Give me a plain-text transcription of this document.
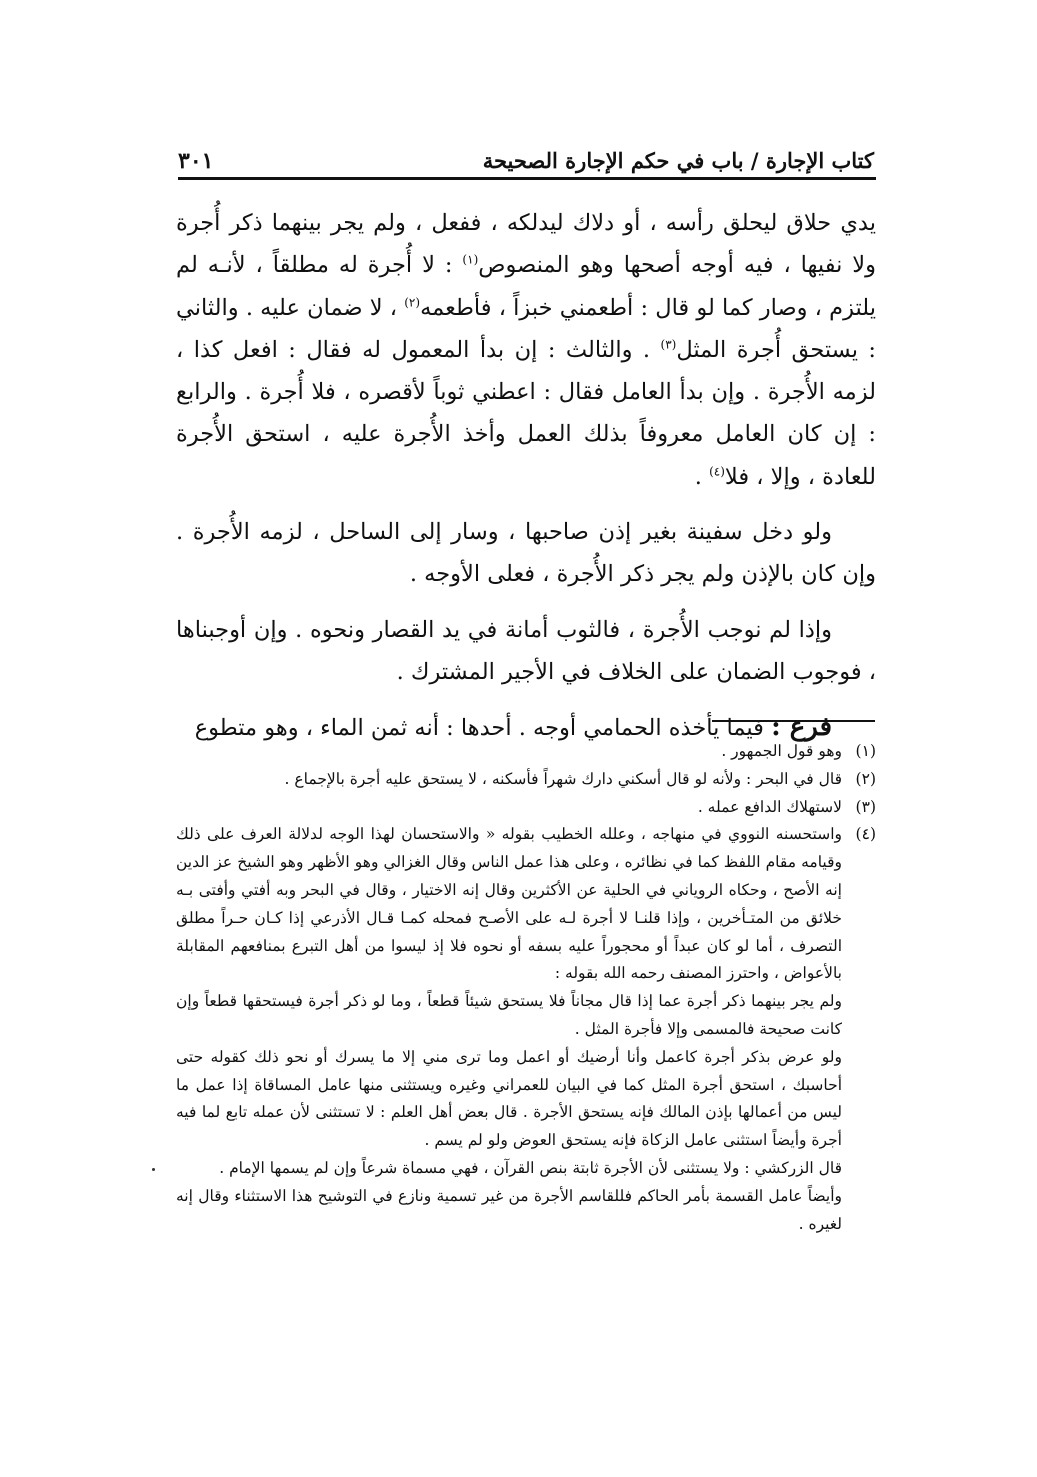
كتاب الإجارة / باب في حكم الإجارة الصحيحة
٣٠١

يدي حلاق ليحلق رأسه ، أو دلاك ليدلكه ، ففعل ، ولم يجر بينهما ذكر أُجرة ولا نفيها ، فيه أوجه أصحها وهو المنصوص$^{(١)}$ : لا أُجرة له مطلقاً ، لأنـه لم يلتزم ، وصار كما لو قال : أطعمني خبزاً ، فأطعمه$^{(٢)}$ ، لا ضمان عليه . والثاني : يستحق أُجرة المثل$^{(٣)}$ . والثالث : إن بدأ المعمول له فقال : افعل كذا ، لزمه الأُجرة . وإن بدأ العامل فقال : اعطني ثوباً لأقصره ، فلا أُجرة . والرابع : إن كان العامل معروفاً بذلك العمل وأخذ الأُجرة عليه ، استحق الأُجرة للعادة ، وإلا ، فلا$^{(٤)}$ .

ولو دخل سفينة بغير إذن صاحبها ، وسار إلى الساحل ، لزمه الأُجرة . وإن كان بالإذن ولم يجر ذكر الأُجرة ، فعلى الأوجه .

وإذا لم نوجب الأُجرة ، فالثوب أمانة في يد القصار ونحوه . وإن أوجبناها ، فوجوب الضمان على الخلاف في الأجير المشترك .

فرع : فيما يأخذه الحمامي أوجه . أحدها : أنه ثمن الماء ، وهو متطوع

(١)
وهو قول الجمهور .
(٢)
قال في البحر : ولأنه لو قال أسكني دارك شهراً فأسكنه ، لا يستحق عليه أجرة بالإجماع .
(٣)
لاستهلاك الدافع عمله .
(٤)
واستحسنه النووي في منهاجه ، وعلله الخطيب بقوله « والاستحسان لهذا الوجه لدلالة العرف على ذلك وقيامه مقام اللفظ كما في نظائره ، وعلى هذا عمل الناس وقال الغزالي وهو الأظهر وهو الشيخ عز الدين إنه الأصح ، وحكاه الروياني في الحلية عن الأكثرين وقال إنه الاختيار ، وقال في البحر وبه أفتي وأفتى بـه خلائق من المتـأخرين ، وإذا قلنـا لا أجرة لـه على الأصـح فمحله كمـا قـال الأذرعي إذا كـان حـراً مطلق التصرف ، أما لو كان عبداً أو محجوراً عليه بسفه أو نحوه فلا إذ ليسوا من أهل التبرع بمنافعهم المقابلة بالأعواض ، واحترز المصنف رحمه الله بقوله :
ولم يجر بينهما ذكر أجرة عما إذا قال مجاناً فلا يستحق شيئاً قطعاً ، وما لو ذكر أجرة فيستحقها قطعاً وإن كانت صحيحة فالمسمى وإلا فأجرة المثل .
ولو عرض بذكر أجرة كاعمل وأنا أرضيك أو اعمل وما ترى مني إلا ما يسرك أو نحو ذلك كقوله حتى أحاسبك ، استحق أجرة المثل كما في البيان للعمراني وغيره ويستثنى منها عامل المساقاة إذا عمل ما ليس من أعمالها بإذن المالك فإنه يستحق الأجرة . قال بعض أهل العلم : لا تستثنى لأن عمله تابع لما فيه أجرة وأيضاً استثنى عامل الزكاة فإنه يستحق العوض ولو لم يسم .
قال الزركشي : ولا يستثنى لأن الأجرة ثابتة بنص القرآن ، فهي مسماة شرعاً وإن لم يسمها الإمام .
وأيضاً عامل القسمة بأمر الحاكم فللقاسم الأجرة من غير تسمية ونازع في التوشيح هذا الاستثناء وقال إنه لغيره .
